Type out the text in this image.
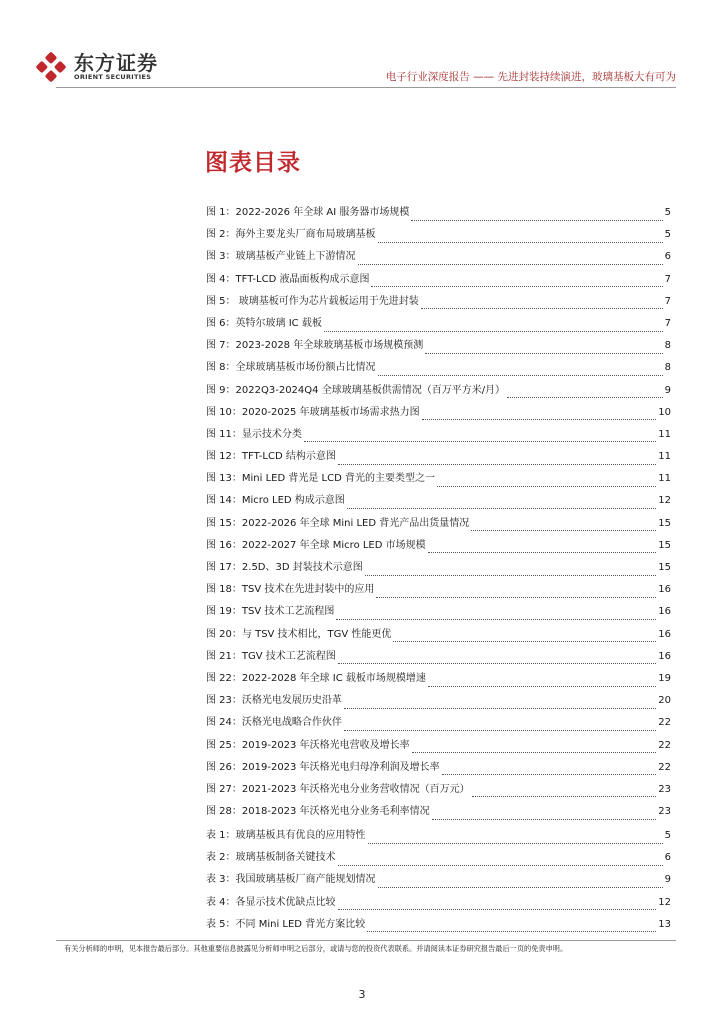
东方证券
ORIENT SECURITIES	电子行业深度报告 —— 先进封装持续演进，玻璃基板大有可为
图表目录
图 1：2022-2026 年全球 AI 服务器市场规模	5
图 2：海外主要龙头厂商布局玻璃基板	5
图 3：玻璃基板产业链上下游情况	6
图 4：TFT-LCD 液晶面板构成示意图	7
图 5： 玻璃基板可作为芯片载板运用于先进封装	7
图 6：英特尔玻璃 IC 载板	7
图 7：2023-2028 年全球玻璃基板市场规模预测	8
图 8：全球玻璃基板市场份额占比情况	8
图 9：2022Q3-2024Q4 全球玻璃基板供需情况（百万平方米/月）	9
图 10：2020-2025 年玻璃基板市场需求热力图	10
图 11：显示技术分类	11
图 12：TFT-LCD 结构示意图	11
图 13：Mini LED 背光是 LCD 背光的主要类型之一	11
图 14：Micro LED 构成示意图	12
图 15：2022-2026 年全球 Mini LED 背光产品出货量情况	15
图 16：2022-2027 年全球 Micro LED 市场规模	15
图 17：2.5D、3D 封装技术示意图	15
图 18：TSV 技术在先进封装中的应用	16
图 19：TSV 技术工艺流程图	16
图 20：与 TSV 技术相比，TGV 性能更优	16
图 21：TGV 技术工艺流程图	16
图 22：2022-2028 年全球 IC 载板市场规模增速	19
图 23：沃格光电发展历史沿革	20
图 24：沃格光电战略合作伙伴	22
图 25：2019-2023 年沃格光电营收及增长率	22
图 26：2019-2023 年沃格光电归母净利润及增长率	22
图 27：2021-2023 年沃格光电分业务营收情况（百万元）	23
图 28：2018-2023 年沃格光电分业务毛利率情况	23
表 1：玻璃基板具有优良的应用特性	5
表 2：玻璃基板制备关键技术	6
表 3：我国玻璃基板厂商产能规划情况	9
表 4：各显示技术优缺点比较	12
表 5：不同 Mini LED 背光方案比较	13
有关分析师的申明，见本报告最后部分。其他重要信息披露见分析师申明之后部分，或请与您的投资代表联系。并请阅读本证券研究报告最后一页的免责申明。
3
